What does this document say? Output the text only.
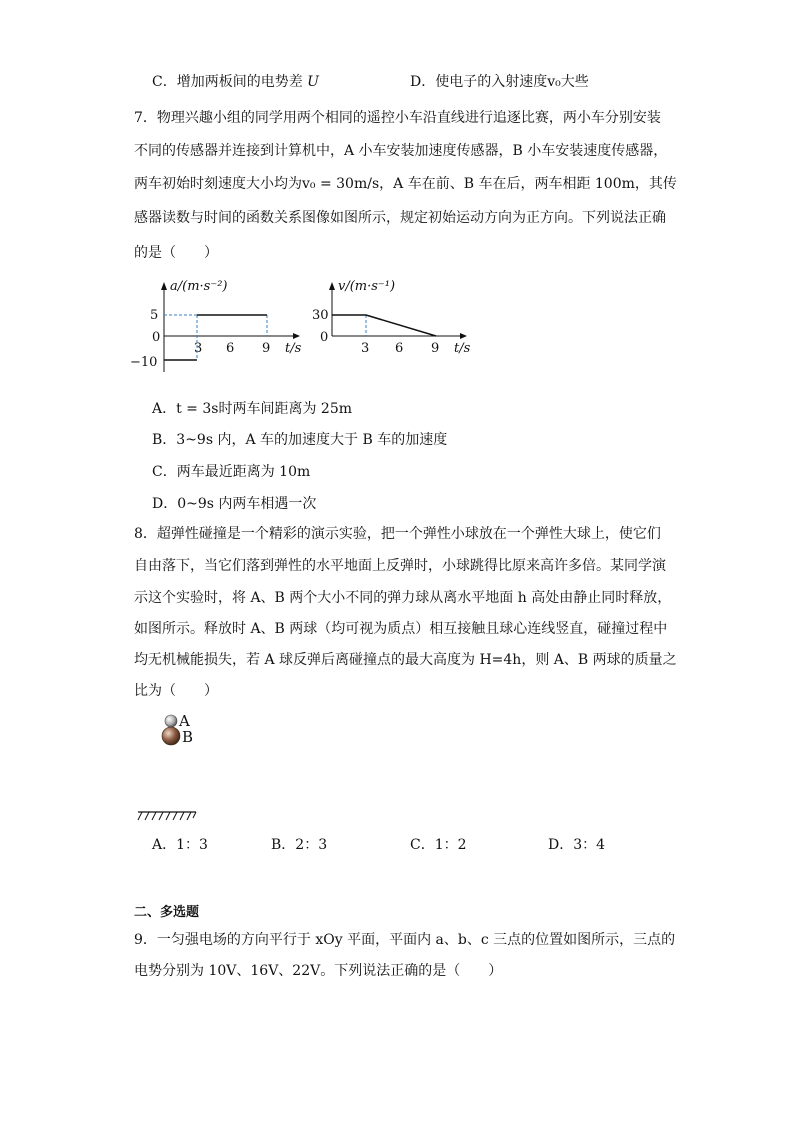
C．增加两板间的电势差 U	D．使电子的入射速度v₀大些
7．物理兴趣小组的同学用两个相同的遥控小车沿直线进行追逐比赛，两小车分别安装
不同的传感器并连接到计算机中，A 小车安装加速度传感器，B 小车安装速度传感器，
两车初始时刻速度大小均为v₀ = 30m/s，A 车在前、B 车在后，两车相距 100m，其传
感器读数与时间的函数关系图像如图所示，规定初始运动方向为正方向。下列说法正确
的是（　　）
a/(m·s⁻²)
t/s
5
0
−10
3 6 9
v/(m·s⁻¹)
t/s
30
0
3 6 9
A．t = 3s时两车间距离为 25m
B．3~9s 内，A 车的加速度大于 B 车的加速度
C．两车最近距离为 10m
D．0~9s 内两车相遇一次
8．超弹性碰撞是一个精彩的演示实验，把一个弹性小球放在一个弹性大球上，使它们
自由落下，当它们落到弹性的水平地面上反弹时，小球跳得比原来高许多倍。某同学演
示这个实验时，将 A、B 两个大小不同的弹力球从离水平地面 h 高处由静止同时释放，
如图所示。释放时 A、B 两球（均可视为质点）相互接触且球心连线竖直，碰撞过程中
均无机械能损失，若 A 球反弹后离碰撞点的最大高度为 H=4h，则 A、B 两球的质量之
比为（　　）
A
B
A．1：3	B．2：3	C．1：2	D．3：4
二、多选题
9．一匀强电场的方向平行于 xOy 平面，平面内 a、b、c 三点的位置如图所示，三点的
电势分别为 10V、16V、22V。下列说法正确的是（　　）
